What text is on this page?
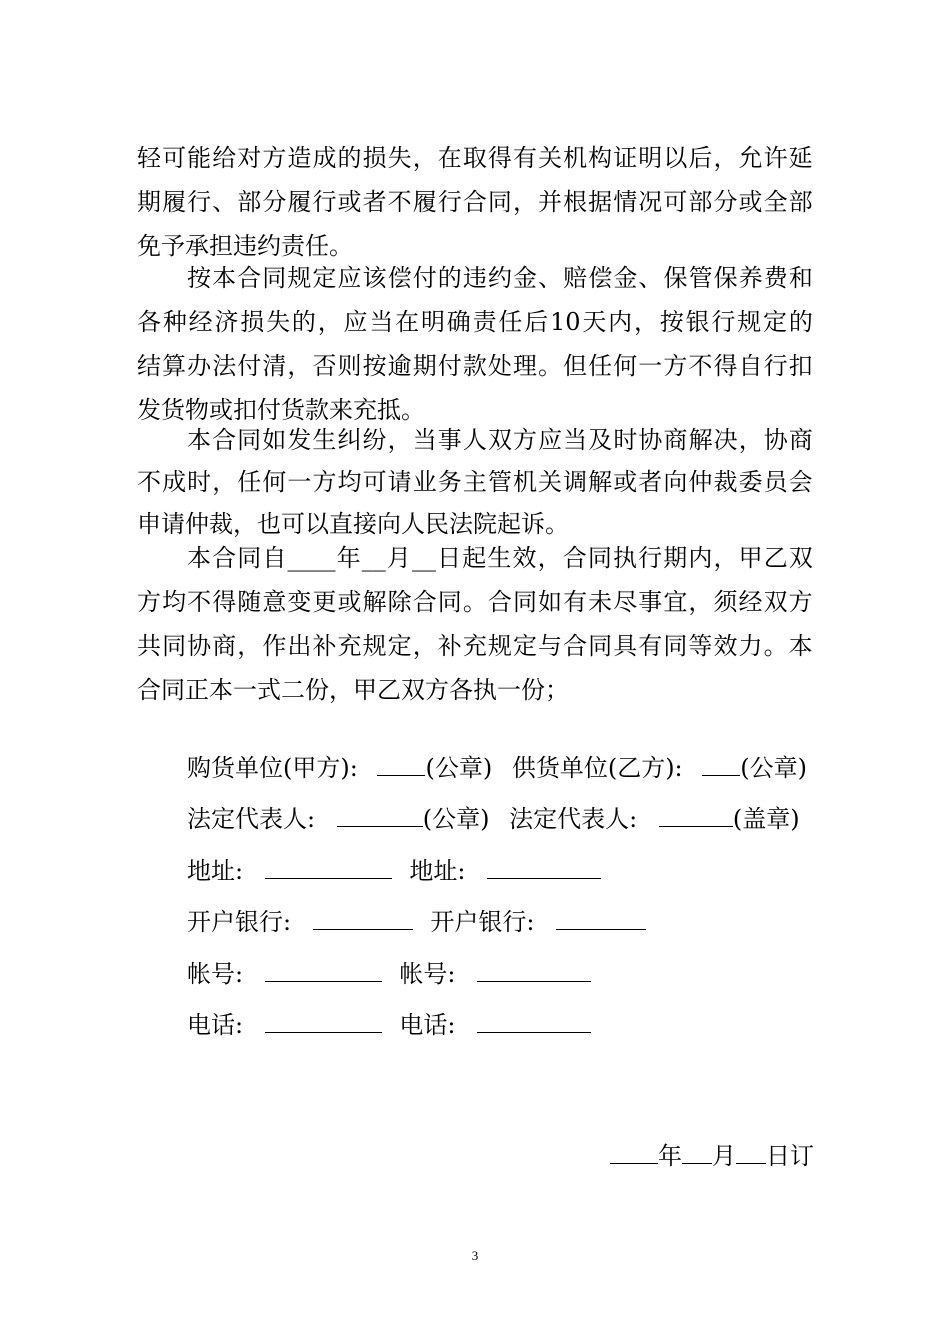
轻 可 能 给 对 方 造 成 的 损 失 ， 在 取 得 有 关 机 构 证 明 以 后 ， 允 许 延
期 履 行 、 部 分 履 行 或 者 不 履 行 合 同 ， 并 根 据 情 况 可 部 分 或 全 部
免予承担违约责任。
按 本 合 同 规 定 应 该 偿 付 的 违 约 金 、 赔 偿 金 、 保 管 保 养 费 和
各 种 经 济 损 失 的 ， 应 当 在 明 确 责 任 后 10 天 内 ， 按 银 行 规 定 的
结 算 办 法 付 清 ， 否 则 按 逾 期 付 款 处 理 。 但 任 何 一 方 不 得 自 行 扣
发货物或扣付货款来充抵。
本 合 同 如 发 生 纠 纷 ， 当 事 人 双 方 应 当 及 时 协 商 解 决 ， 协 商
不 成 时 ， 任 何 一 方 均 可 请 业 务 主 管 机 关 调 解 或 者 向 仲 裁 委 员 会
申请仲裁，也可以直接向人民法院起诉。
本 合 同 自 ____ 年 __ 月 __ 日 起 生 效 ， 合 同 执 行 期 内 ， 甲 乙 双
方 均 不 得 随 意 变 更 或 解 除 合 同 。 合 同 如 有 未 尽 事 宜 ， 须 经 双 方
共 同 协 商 ， 作 出 补 充 规 定 ， 补 充 规 定 与 合 同 具 有 同 等 效 力 。 本
合同正本一式二份，甲乙双方各执一份；
购货单位(甲方):	(公章) 供货单位(乙方): (公章)
法定代表人:	(公章) 法定代表人:	(盖章)
地址:	地址:
开户银行:	开户银行:
帐号:	帐号:
电话:	电话:
年 月 日订
3
